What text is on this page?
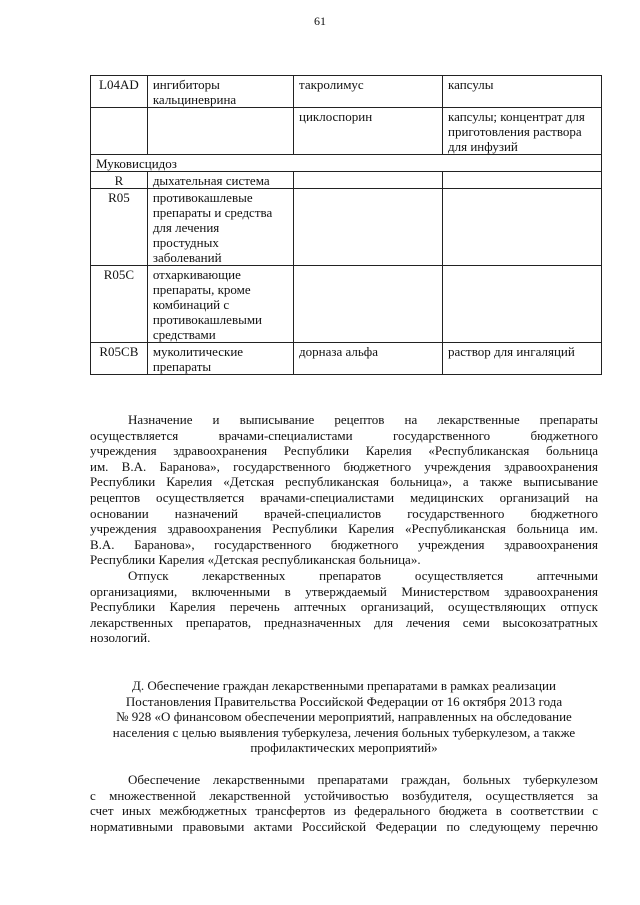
61
L04AD	ингибиторы кальциневрина	такролимус	капсулы
		циклоспорин	капсулы; концентрат для приготовления раствора для инфузий
Муковисцидоз			
R	дыхательная система		
R05	противокашлевые препараты и средства для лечения простудных заболеваний		
R05C	отхаркивающие препараты, кроме комбинаций с противокашлевыми средствами		
R05CB	муколитические препараты	дорназа альфа	раствор для ингаляций
Назначение и выписывание рецептов на лекарственные препараты
осуществляется врачами-специалистами государственного бюджетного
учреждения здравоохранения Республики Карелия «Республиканская больница
им. В.А. Баранова», государственного бюджетного учреждения здравоохранения
Республики Карелия «Детская республиканская больница», а также выписывание
рецептов осуществляется врачами-специалистами медицинских организаций на
основании назначений врачей-специалистов государственного бюджетного
учреждения здравоохранения Республики Карелия «Республиканская больница им.
В.А. Баранова», государственного бюджетного учреждения здравоохранения
Республики Карелия «Детская республиканская больница».
Отпуск лекарственных препаратов осуществляется аптечными
организациями, включенными в утверждаемый Министерством здравоохранения
Республики Карелия перечень аптечных организаций, осуществляющих отпуск
лекарственных препаратов, предназначенных для лечения семи высокозатратных
нозологий.
Д. Обеспечение граждан лекарственными препаратами в рамках реализации
Постановления Правительства Российской Федерации от 16 октября 2013 года
№ 928 «О финансовом обеспечении мероприятий, направленных на обследование
населения с целью выявления туберкулеза, лечения больных туберкулезом, а также
профилактических мероприятий»
Обеспечение лекарственными препаратами граждан, больных туберкулезом
с множественной лекарственной устойчивостью возбудителя, осуществляется за
счет иных межбюджетных трансфертов из федерального бюджета в соответствии с
нормативными правовыми актами Российской Федерации по следующему перечню
